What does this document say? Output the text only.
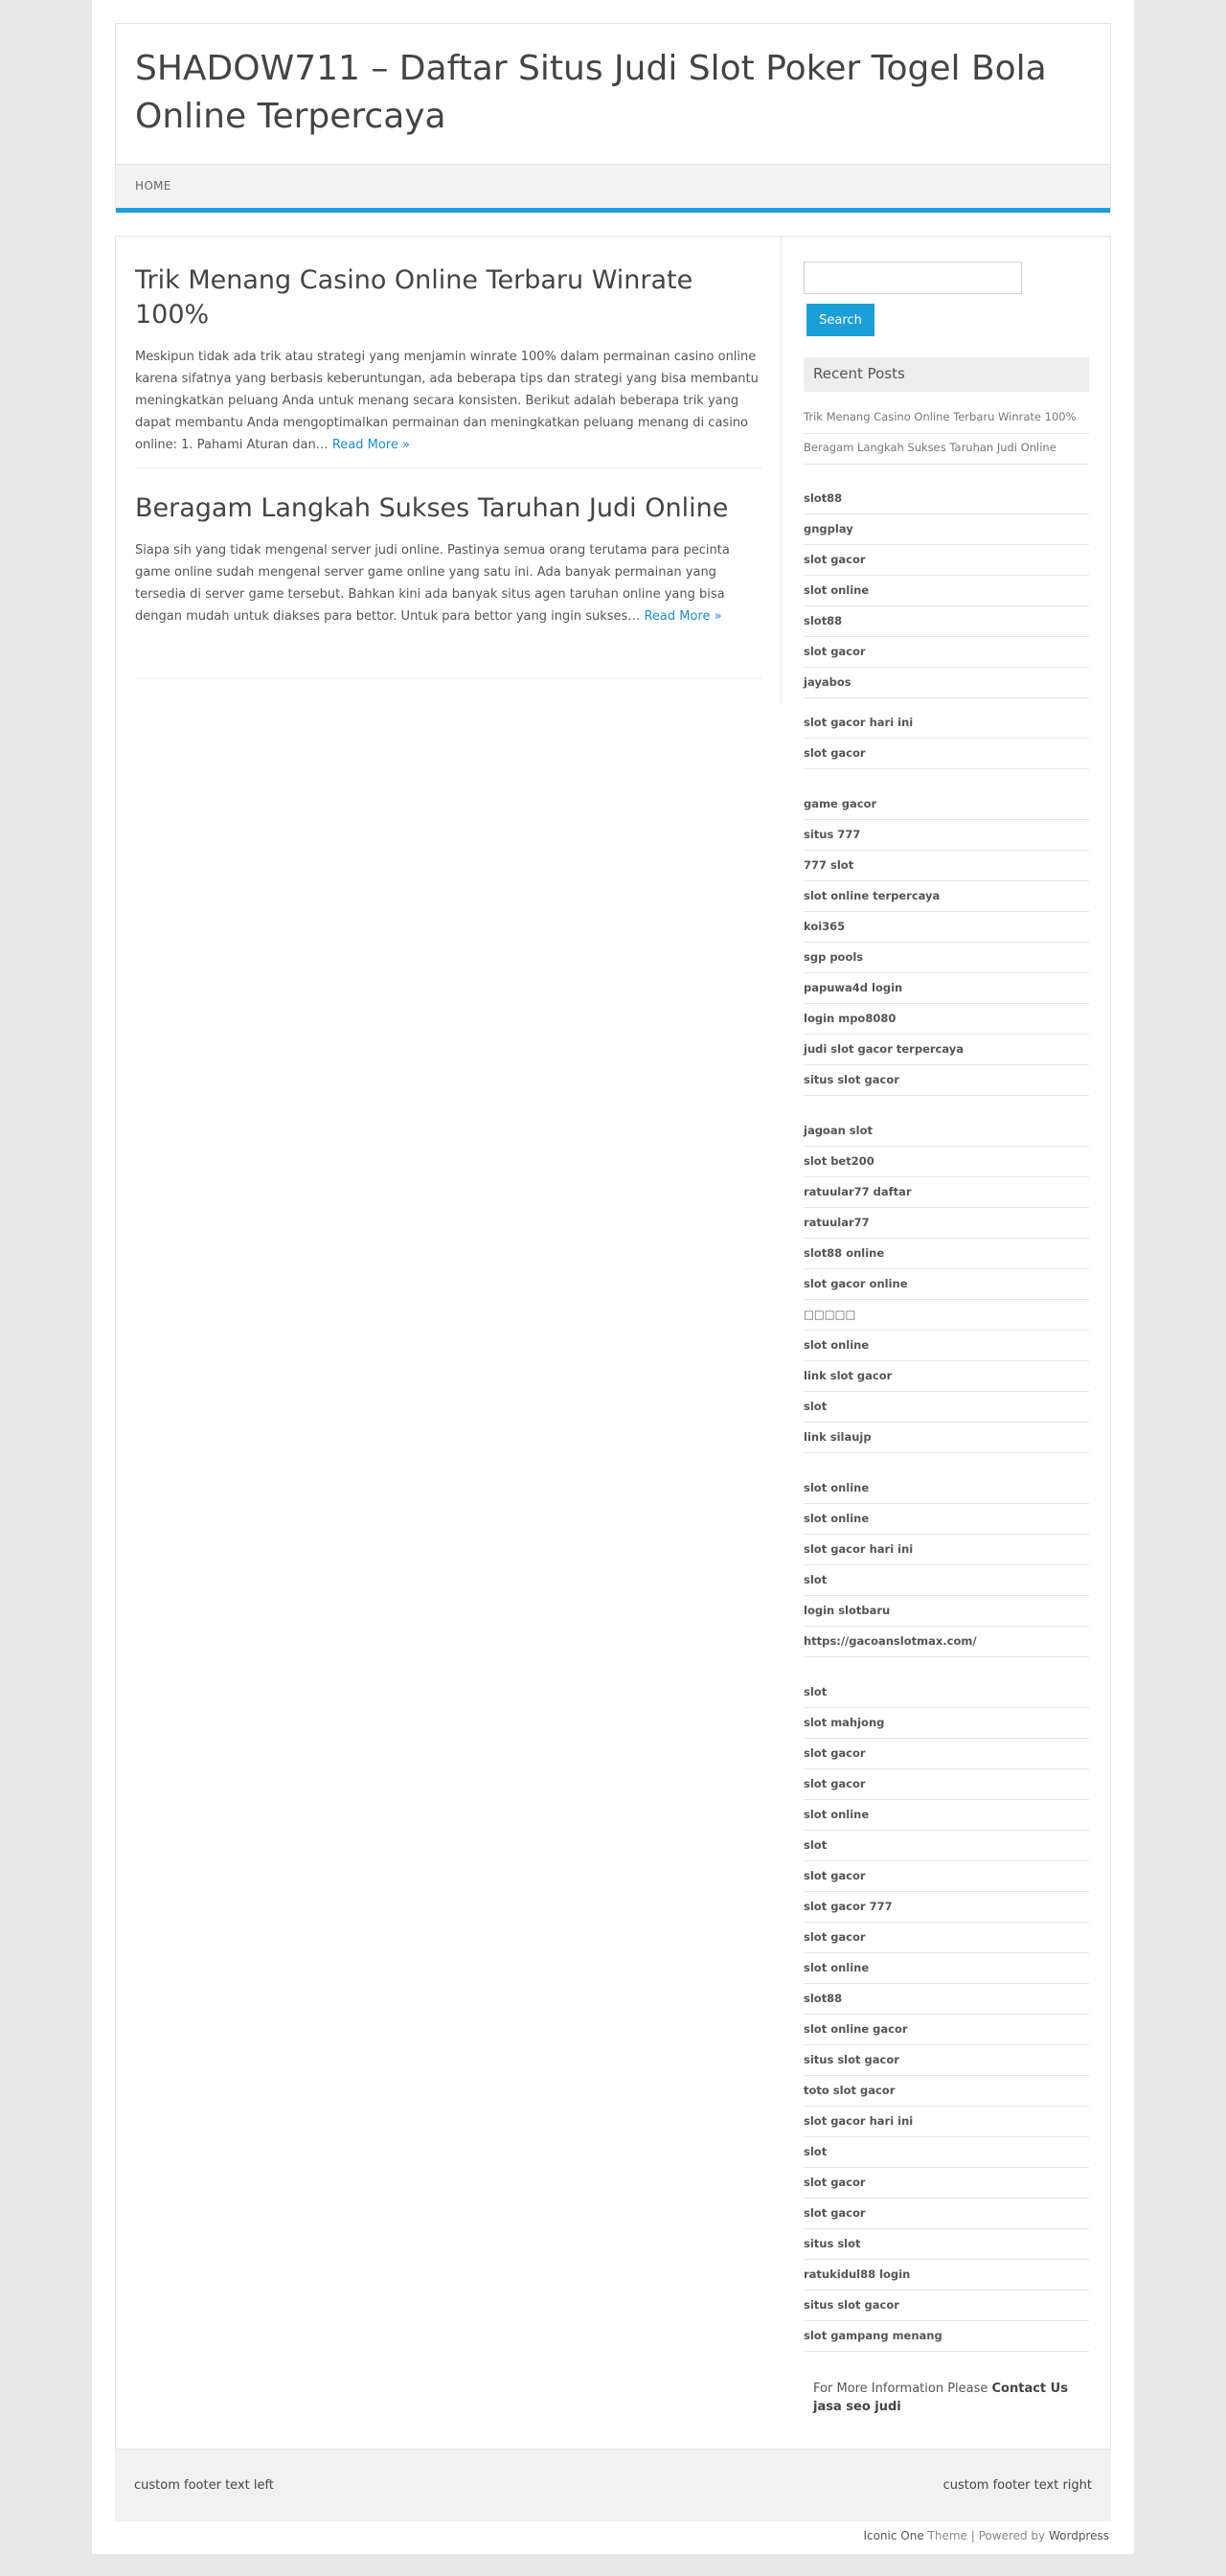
SHADOW711 – Daftar Situs Judi Slot Poker Togel Bola Online Terpercaya
HOME
Trik Menang Casino Online Terbaru Winrate 100%

Meskipun tidak ada trik atau strategi yang menjamin winrate 100% dalam permainan casino online karena sifatnya yang berbasis keberuntungan, ada beberapa tips dan strategi yang bisa membantu meningkatkan peluang Anda untuk menang secara konsisten. Berikut adalah beberapa trik yang dapat membantu Anda mengoptimalkan permainan dan meningkatkan peluang menang di casino online: 1. Pahami Aturan dan… Read More »

Beragam Langkah Sukses Taruhan Judi Online

Siapa sih yang tidak mengenal server judi online. Pastinya semua orang terutama para pecinta game online sudah mengenal server game online yang satu ini. Ada banyak permainan yang tersedia di server game tersebut. Bahkan kini ada banyak situs agen taruhan online yang bisa dengan mudah untuk diakses para bettor. Untuk para bettor yang ingin sukses… Read More »

Search
Recent Posts
Trik Menang Casino Online Terbaru Winrate 100%
Beragam Langkah Sukses Taruhan Judi Online
slot88
gngplay
slot gacor
slot online
slot88
slot gacor
jayabos
slot gacor hari ini
slot gacor
game gacor
situs 777
777 slot
slot online terpercaya
koi365
sgp pools
papuwa4d login
login mpo8080
judi slot gacor terpercaya
situs slot gacor
jagoan slot
slot bet200
ratuular77 daftar
ratuular77
slot88 online
slot gacor online
□□□□□
slot online
link slot gacor
slot
link silaujp
slot online
slot online
slot gacor hari ini
slot
login slotbaru
https://gacoanslotmax.com/
slot
slot mahjong
slot gacor
slot gacor
slot online
slot
slot gacor
slot gacor 777
slot gacor
slot online
slot88
slot online gacor
situs slot gacor
toto slot gacor
slot gacor hari ini
slot
slot gacor
slot gacor
situs slot
ratukidul88 login
situs slot gacor
slot gampang menang
For More Information Please Contact Us
jasa seo judi
custom footer text left	custom footer text right
Iconic One Theme | Powered by Wordpress
